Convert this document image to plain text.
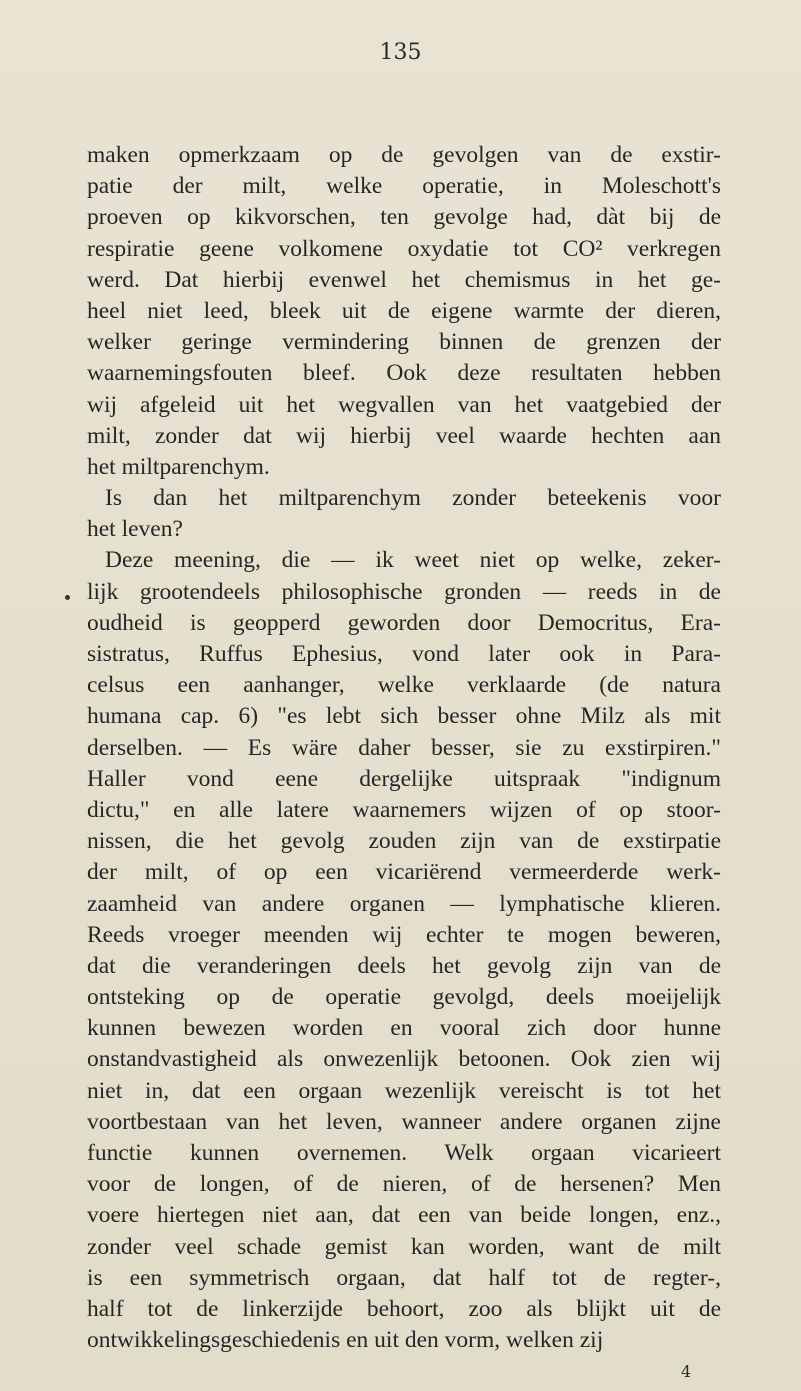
135
maken opmerkzaam op de gevolgen van de exstir-
patie der milt, welke operatie, in Moleschott's
proeven op kikvorschen, ten gevolge had, dàt bij de
respiratie geene volkomene oxydatie tot CO² verkregen
werd. Dat hierbij evenwel het chemismus in het ge-
heel niet leed, bleek uit de eigene warmte der dieren,
welker geringe vermindering binnen de grenzen der
waarnemingsfouten bleef. Ook deze resultaten hebben
wij afgeleid uit het wegvallen van het vaatgebied der
milt, zonder dat wij hierbij veel waarde hechten aan
het miltparenchym.
Is dan het miltparenchym zonder beteekenis voor
het leven?
Deze meening, die — ik weet niet op welke, zeker-
lijk grootendeels philosophische gronden — reeds in de
oudheid is geopperd geworden door Democritus, Era-
sistratus, Ruffus Ephesius, vond later ook in Para-
celsus een aanhanger, welke verklaarde (de natura
humana cap. 6) "es lebt sich besser ohne Milz als mit
derselben. — Es wäre daher besser, sie zu exstirpiren."
Haller vond eene dergelijke uitspraak "indignum
dictu," en alle latere waarnemers wijzen of op stoor-
nissen, die het gevolg zouden zijn van de exstirpatie
der milt, of op een vicariërend vermeerderde werk-
zaamheid van andere organen — lymphatische klieren.
Reeds vroeger meenden wij echter te mogen beweren,
dat die veranderingen deels het gevolg zijn van de
ontsteking op de operatie gevolgd, deels moeijelijk
kunnen bewezen worden en vooral zich door hunne
onstandvastigheid als onwezenlijk betoonen. Ook zien wij
niet in, dat een orgaan wezenlijk vereischt is tot het
voortbestaan van het leven, wanneer andere organen zijne
functie kunnen overnemen. Welk orgaan vicarieert
voor de longen, of de nieren, of de hersenen? Men
voere hiertegen niet aan, dat een van beide longen, enz.,
zonder veel schade gemist kan worden, want de milt
is een symmetrisch orgaan, dat half tot de regter-,
half tot de linkerzijde behoort, zoo als blijkt uit de
ontwikkelingsgeschiedenis en uit den vorm, welken zij
4
